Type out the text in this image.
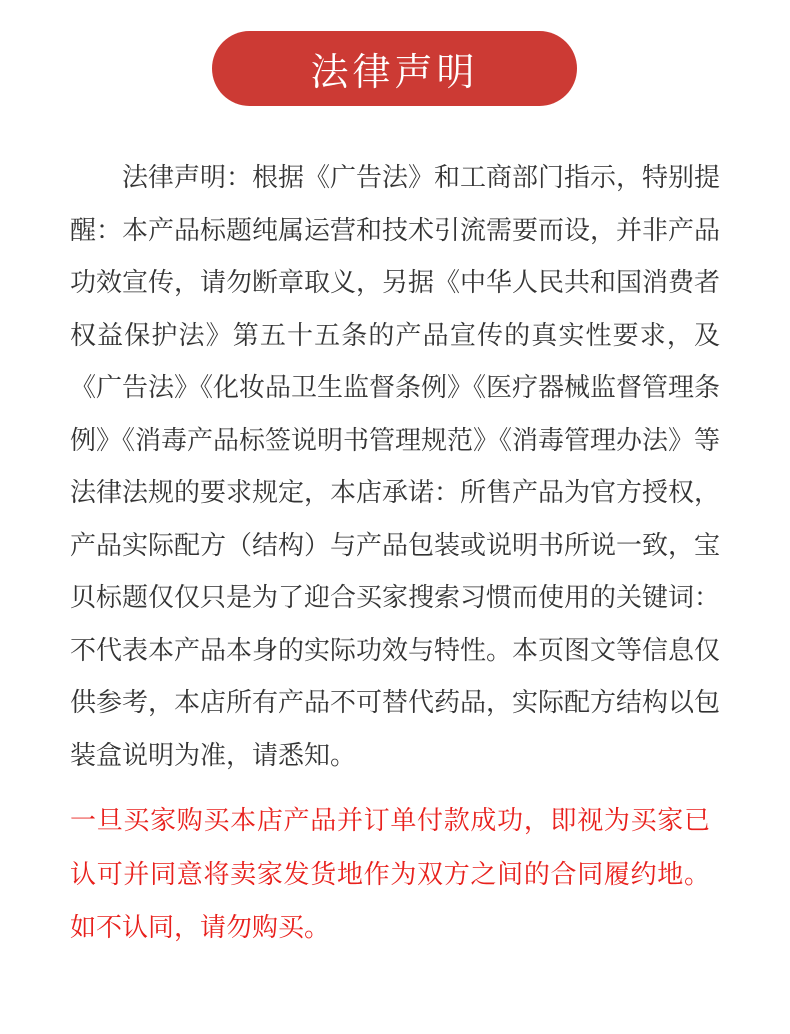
法律声明

法律声明：根据《广告法》和工商部门指示，特别提醒：本产品标题纯属运营和技术引流需要而设，并非产品功效宣传，请勿断章取义，另据《中华人民共和国消费者权益保护法》第五十五条的产品宣传的真实性要求，及《广告法》《化妆品卫生监督条例》《医疗器械监督管理条例》《消毒产品标签说明书管理规范》《消毒管理办法》等法律法规的要求规定，本店承诺：所售产品为官方授权，产品实际配方（结构）与产品包装或说明书所说一致，宝贝标题仅仅只是为了迎合买家搜索习惯而使用的关键词：不代表本产品本身的实际功效与特性。本页图文等信息仅供参考，本店所有产品不可替代药品，实际配方结构以包装盒说明为准，请悉知。

一旦买家购买本店产品并订单付款成功，即视为买家已认可并同意将卖家发货地作为双方之间的合同履约地。如不认同，请勿购买。
